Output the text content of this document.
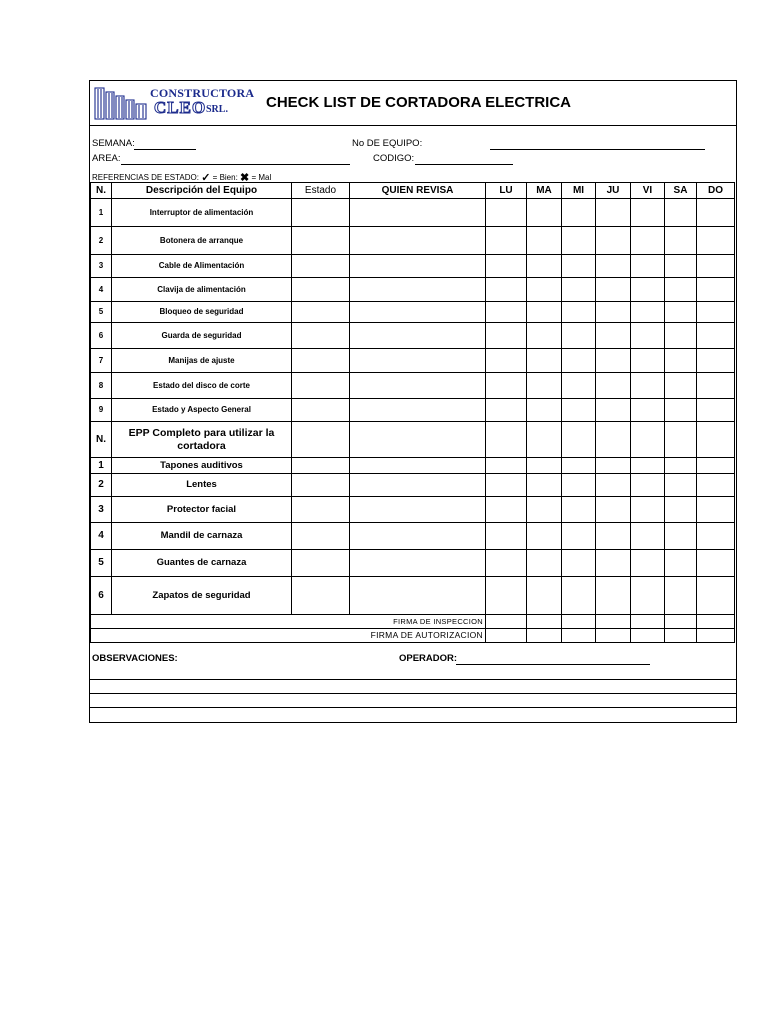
CONSTRUCTORA
CLEO SRL.	CHECK LIST DE CORTADORA ELECTRICA
SEMANA:	No DE EQUIPO:
AREA:	CODIGO:
REFERENCIAS DE ESTADO: ✓ = Bien: ✖ = Mal
N.	Descripción del Equipo	Estado	QUIEN REVISA	LU	MA	MI	JU	VI	SA	DO
1	Interruptor de alimentación									
2	Botonera de arranque									
3	Cable de Alimentación									
4	Clavija de alimentación									
5	Bloqueo de seguridad									
6	Guarda de seguridad									
7	Manijas de ajuste									
8	Estado del disco de corte									
9	Estado y Aspecto General									
N.	EPP Completo para utilizar la cortadora									
1	Tapones auditivos									
2	Lentes									
3	Protector facial									
4	Mandil de carnaza									
5	Guantes de carnaza									
6	Zapatos de seguridad									
FIRMA DE INSPECCION										
FIRMA DE AUTORIZACION										
OBSERVACIONES:	OPERADOR:
